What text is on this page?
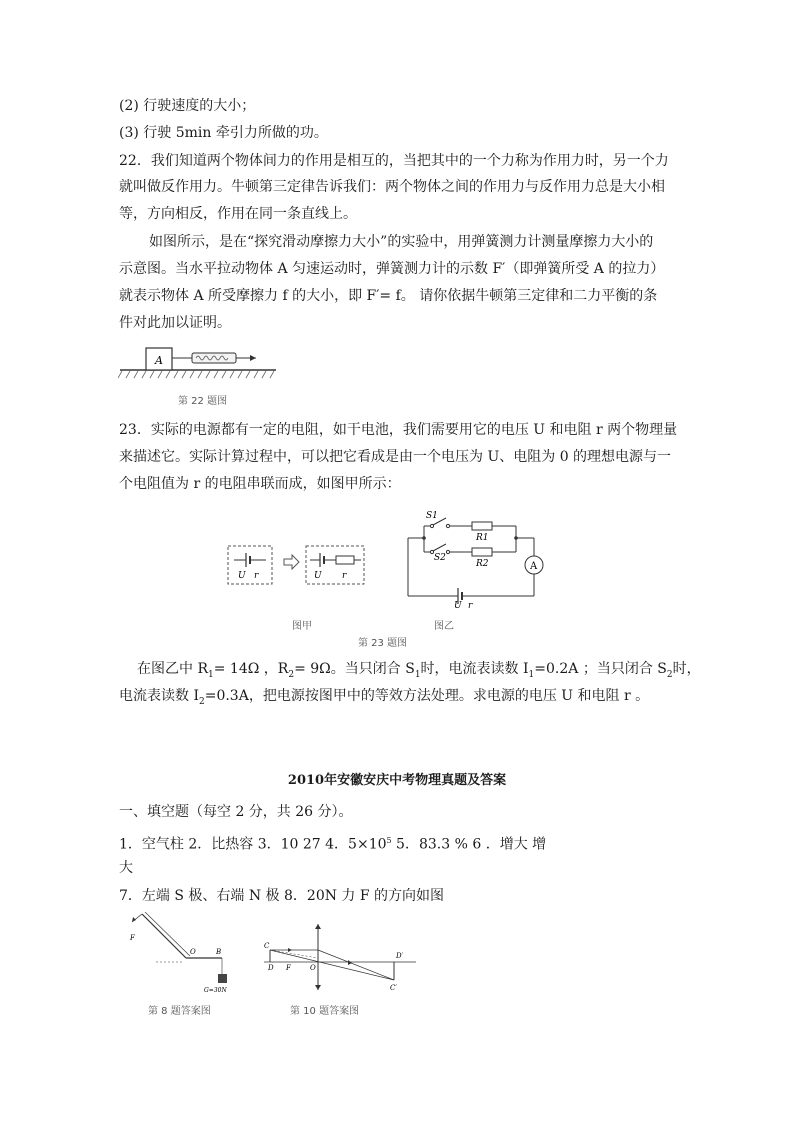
(2) 行驶速度的大小；
(3) 行驶 5min 牵引力所做的功。
22．我们知道两个物体间力的作用是相互的，当把其中的一个力称为作用力时，另一个力
就叫做反作用力。牛顿第三定律告诉我们：两个物体之间的作用力与反作用力总是大小相
等，方向相反，作用在同一条直线上。
如图所示，是在“探究滑动摩擦力大小”的实验中，用弹簧测力计测量摩擦力大小的
示意图。当水平拉动物体 A 匀速运动时，弹簧测力计的示数 F′（即弹簧所受 A 的拉力）
就表示物体 A 所受摩擦力 f 的大小，即 F′= f。 请你依据牛顿第三定律和二力平衡的条
件对此加以证明。
A
第 22 题图
23．实际的电源都有一定的电阻，如干电池，我们需要用它的电压 U 和电阻 r 两个物理量
来描述它。实际计算过程中，可以把它看成是由一个电压为 U、电阻为 0 的理想电源与一
个电阻值为 r 的电阻串联而成，如图甲所示：
U r	U r
图甲
A
S1
S2
R1
R2
U r
图乙
第 23 题图
在图乙中 $R_1= 14\Omega$ ，$R_2= 9\Omega$。当只闭合 $S_1$时，电流表读数 $I_1=0.2A$ ；当只闭合 $S_2$时，
电流表读数 $I_2=0.3A$，把电源按图甲中的等效方法处理。求电源的电压 U 和电阻 r 。
2010年安徽安庆中考物理真题及答案
一、填空题（每空 2 分，共 26 分）。
1．空气柱 2．比热容 3．10 27 4．$5\times 10^5$ 5．83.3 % 6 ．增大 增
大
7．左端 S 极、右端 N 极 8．20N 力 F 的方向如图
F
O	B
G=30N
第 8 题答案图
C
D F	O
D′
C′
第 10 题答案图
